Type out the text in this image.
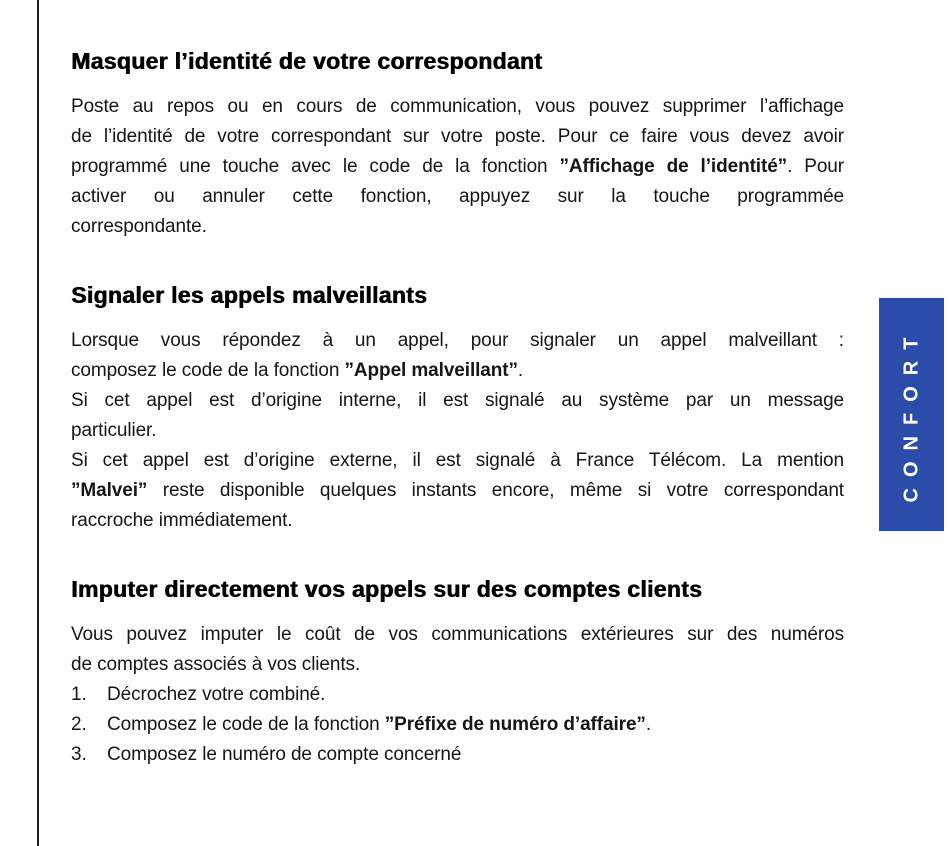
Masquer l’identité de votre correspondant
Poste au repos ou en cours de communication, vous pouvez supprimer l’affichage
de l’identité de votre correspondant sur votre poste. Pour ce faire vous devez avoir
programmé une touche avec le code de la fonction ”Affichage de l’identité”. Pour
activer ou annuler cette fonction, appuyez sur la touche programmée
correspondante.
Signaler les appels malveillants
Lorsque vous répondez à un appel, pour signaler un appel malveillant :
composez le code de la fonction ”Appel malveillant”.
Si cet appel est d’origine interne, il est signalé au système par un message
particulier.
Si cet appel est d’origine externe, il est signalé à France Télécom. La mention
”Malvei” reste disponible quelques instants encore, même si votre correspondant
raccroche immédiatement.
Imputer directement vos appels sur des comptes clients
Vous pouvez imputer le coût de vos communications extérieures sur des numéros
de comptes associés à vos clients.
1.	Décrochez votre combiné.
2.	Composez le code de la fonction ”Préfixe de numéro d’affaire”.
3.	Composez le numéro de compte concerné
CONFORT
